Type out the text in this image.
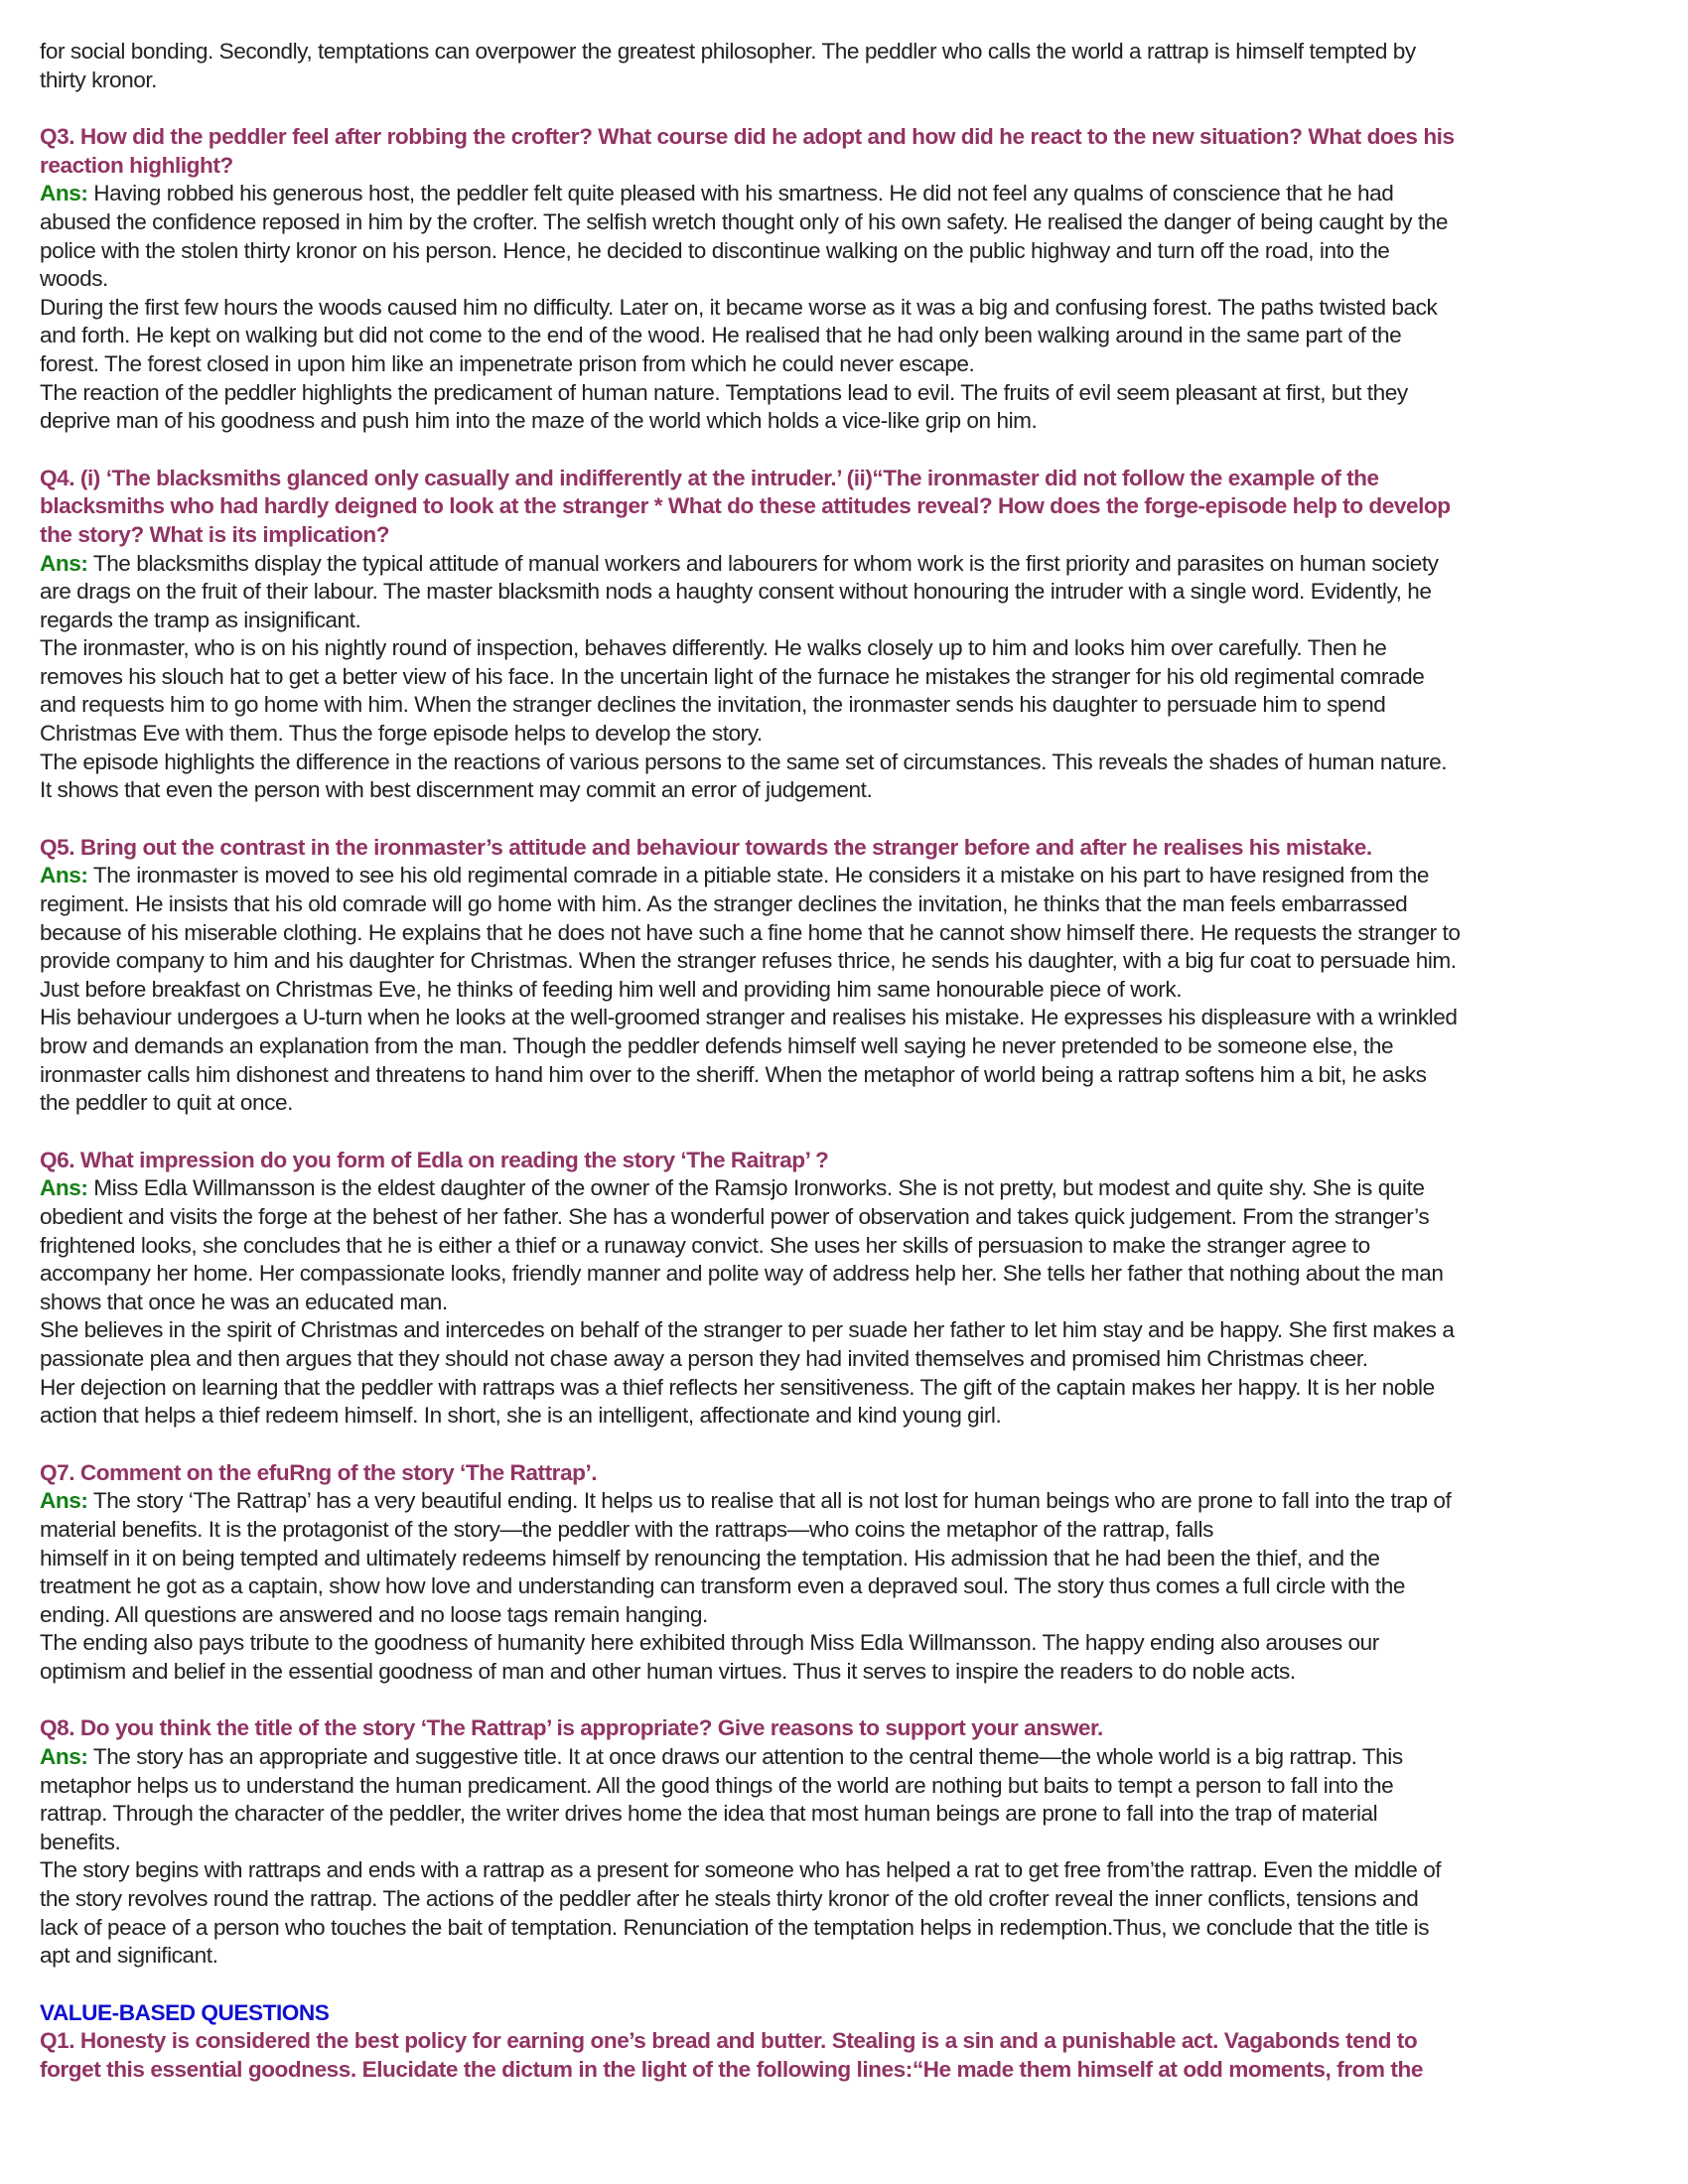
for social bonding. Secondly, temptations can overpower the greatest philosopher. The peddler who calls the world a rattrap is himself tempted by
thirty kronor.
Q3. How did the peddler feel after robbing the crofter? What course did he adopt and how did he react to the new situation? What does his
reaction highlight?
Ans: Having robbed his generous host, the peddler felt quite pleased with his smartness. He did not feel any qualms of conscience that he had
abused the confidence reposed in him by the crofter. The selfish wretch thought only of his own safety. He realised the danger of being caught by the
police with the stolen thirty kronor on his person. Hence, he decided to discontinue walking on the public highway and turn off the road, into the
woods.
During the first few hours the woods caused him no difficulty. Later on, it became worse as it was a big and confusing forest. The paths twisted back
and forth. He kept on walking but did not come to the end of the wood. He realised that he had only been walking around in the same part of the
forest. The forest closed in upon him like an impenetrate prison from which he could never escape.
The reaction of the peddler highlights the predicament of human nature. Temptations lead to evil. The fruits of evil seem pleasant at first, but they
deprive man of his goodness and push him into the maze of the world which holds a vice-like grip on him.
Q4. (i) ‘The blacksmiths glanced only casually and indifferently at the intruder.’ (ii)“The ironmaster did not follow the example of the
blacksmiths who had hardly deigned to look at the stranger * What do these attitudes reveal? How does the forge-episode help to develop
the story? What is its implication?
Ans: The blacksmiths display the typical attitude of manual workers and labourers for whom work is the first priority and parasites on human society
are drags on the fruit of their labour. The master blacksmith nods a haughty consent without honouring the intruder with a single word. Evidently, he
regards the tramp as insignificant.
The ironmaster, who is on his nightly round of inspection, behaves differently. He walks closely up to him and looks him over carefully. Then he
removes his slouch hat to get a better view of his face. In the uncertain light of the furnace he mistakes the stranger for his old regimental comrade
and requests him to go home with him. When the stranger declines the invitation, the ironmaster sends his daughter to persuade him to spend
Christmas Eve with them. Thus the forge episode helps to develop the story.
The episode highlights the difference in the reactions of various persons to the same set of circumstances. This reveals the shades of human nature.
It shows that even the person with best discernment may commit an error of judgement.
Q5. Bring out the contrast in the ironmaster’s attitude and behaviour towards the stranger before and after he realises his mistake.
Ans: The ironmaster is moved to see his old regimental comrade in a pitiable state. He considers it a mistake on his part to have resigned from the
regiment. He insists that his old comrade will go home with him. As the stranger declines the invitation, he thinks that the man feels embarrassed
because of his miserable clothing. He explains that he does not have such a fine home that he cannot show himself there. He requests the stranger to
provide company to him and his daughter for Christmas. When the stranger refuses thrice, he sends his daughter, with a big fur coat to persuade him.
Just before breakfast on Christmas Eve, he thinks of feeding him well and providing him same honourable piece of work.
His behaviour undergoes a U-turn when he looks at the well-groomed stranger and realises his mistake. He expresses his displeasure with a wrinkled
brow and demands an explanation from the man. Though the peddler defends himself well saying he never pretended to be someone else, the
ironmaster calls him dishonest and threatens to hand him over to the sheriff. When the metaphor of world being a rattrap softens him a bit, he asks
the peddler to quit at once.
Q6. What impression do you form of Edla on reading the story ‘The Raitrap’ ?
Ans: Miss Edla Willmansson is the eldest daughter of the owner of the Ramsjo Ironworks. She is not pretty, but modest and quite shy. She is quite
obedient and visits the forge at the behest of her father. She has a wonderful power of observation and takes quick judgement. From the stranger’s
frightened looks, she concludes that he is either a thief or a runaway convict. She uses her skills of persuasion to make the stranger agree to
accompany her home. Her compassionate looks, friendly manner and polite way of address help her. She tells her father that nothing about the man
shows that once he was an educated man.
She believes in the spirit of Christmas and intercedes on behalf of the stranger to per suade her father to let him stay and be happy. She first makes a
passionate plea and then argues that they should not chase away a person they had invited themselves and promised him Christmas cheer.
Her dejection on learning that the peddler with rattraps was a thief reflects her sensitiveness. The gift of the captain makes her happy. It is her noble
action that helps a thief redeem himself. In short, she is an intelligent, affectionate and kind young girl.
Q7. Comment on the efuRng of the story ‘The Rattrap’.
Ans: The story ‘The Rattrap’ has a very beautiful ending. It helps us to realise that all is not lost for human beings who are prone to fall into the trap of
material benefits. It is the protagonist of the story—the peddler with the rattraps—who coins the metaphor of the rattrap, falls
himself in it on being tempted and ultimately redeems himself by renouncing the temptation. His admission that he had been the thief, and the
treatment he got as a captain, show how love and understanding can transform even a depraved soul. The story thus comes a full circle with the
ending. All questions are answered and no loose tags remain hanging.
The ending also pays tribute to the goodness of humanity here exhibited through Miss Edla Willmansson. The happy ending also arouses our
optimism and belief in the essential goodness of man and other human virtues. Thus it serves to inspire the readers to do noble acts.
Q8. Do you think the title of the story ‘The Rattrap’ is appropriate? Give reasons to support your answer.
Ans: The story has an appropriate and suggestive title. It at once draws our attention to the central theme—the whole world is a big rattrap. This
metaphor helps us to understand the human predicament. All the good things of the world are nothing but baits to tempt a person to fall into the
rattrap. Through the character of the peddler, the writer drives home the idea that most human beings are prone to fall into the trap of material
benefits.
The story begins with rattraps and ends with a rattrap as a present for someone who has helped a rat to get free from’the rattrap. Even the middle of
the story revolves round the rattrap. The actions of the peddler after he steals thirty kronor of the old crofter reveal the inner conflicts, tensions and
lack of peace of a person who touches the bait of temptation. Renunciation of the temptation helps in redemption.Thus, we conclude that the title is
apt and significant.
VALUE-BASED QUESTIONS
Q1. Honesty is considered the best policy for earning one’s bread and butter. Stealing is a sin and a punishable act. Vagabonds tend to
forget this essential goodness. Elucidate the dictum in the light of the following lines:“He made them himself at odd moments, from the
